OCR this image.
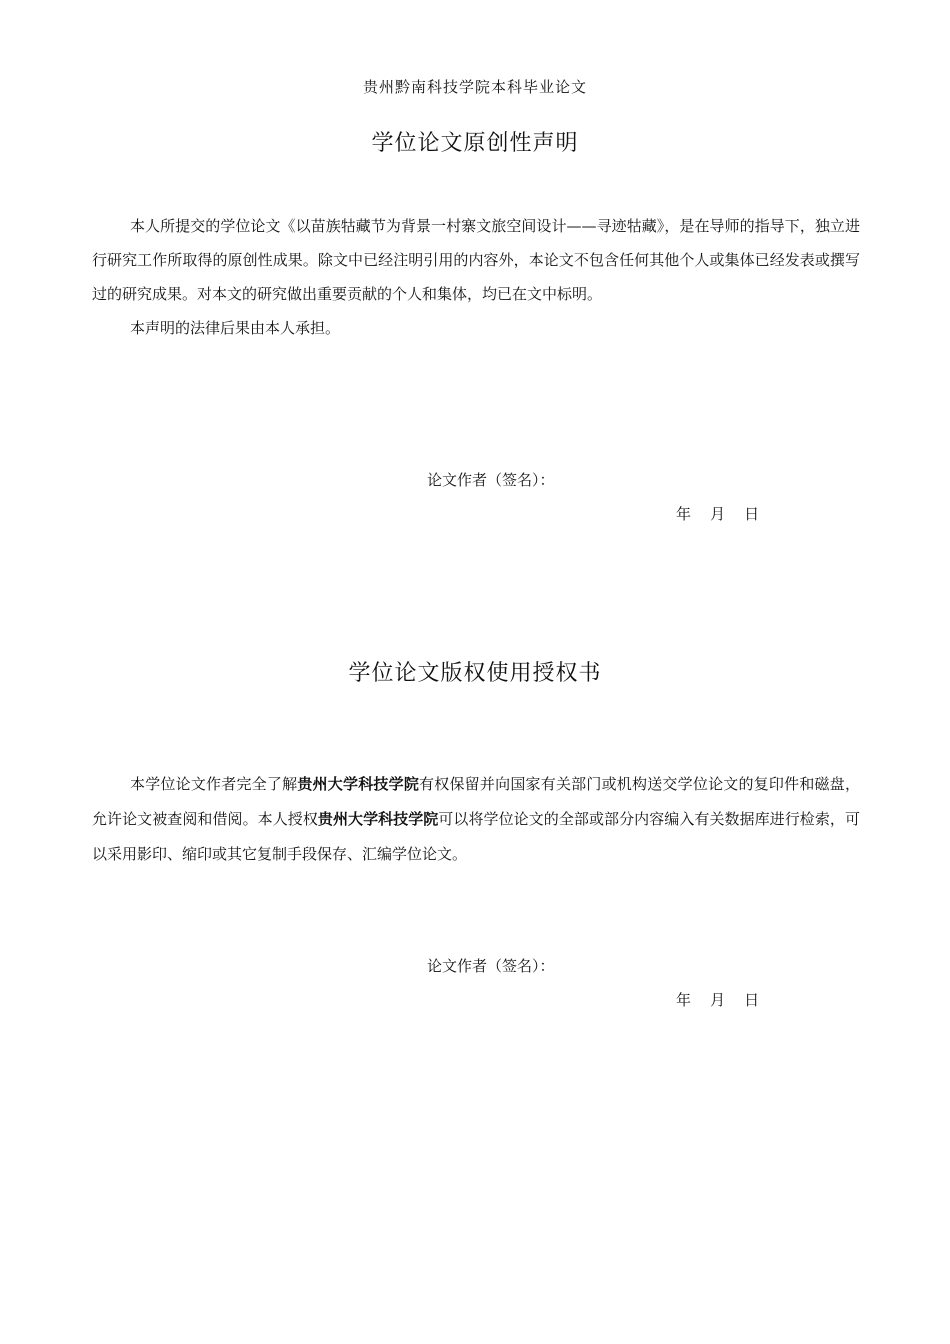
贵州黔南科技学院本科毕业论文
学位论文原创性声明

本人所提交的学位论文《以苗族牯藏节为背景一村寨文旅空间设计——寻迹牯藏》，是在导师的指导下，独立进行研究工作所取得的原创性成果。除文中已经注明引用的内容外，本论文不包含任何其他个人或集体已经发表或撰写过的研究成果。对本文的研究做出重要贡献的个人和集体，均已在文中标明。

本声明的法律后果由本人承担。

论文作者（签名）：
年    月    日
学位论文版权使用授权书

本学位论文作者完全了解贵州大学科技学院有权保留并向国家有关部门或机构送交学位论文的复印件和磁盘，允许论文被查阅和借阅。本人授权贵州大学科技学院可以将学位论文的全部或部分内容编入有关数据库进行检索，可以采用影印、缩印或其它复制手段保存、汇编学位论文。

论文作者（签名）：
年    月    日
